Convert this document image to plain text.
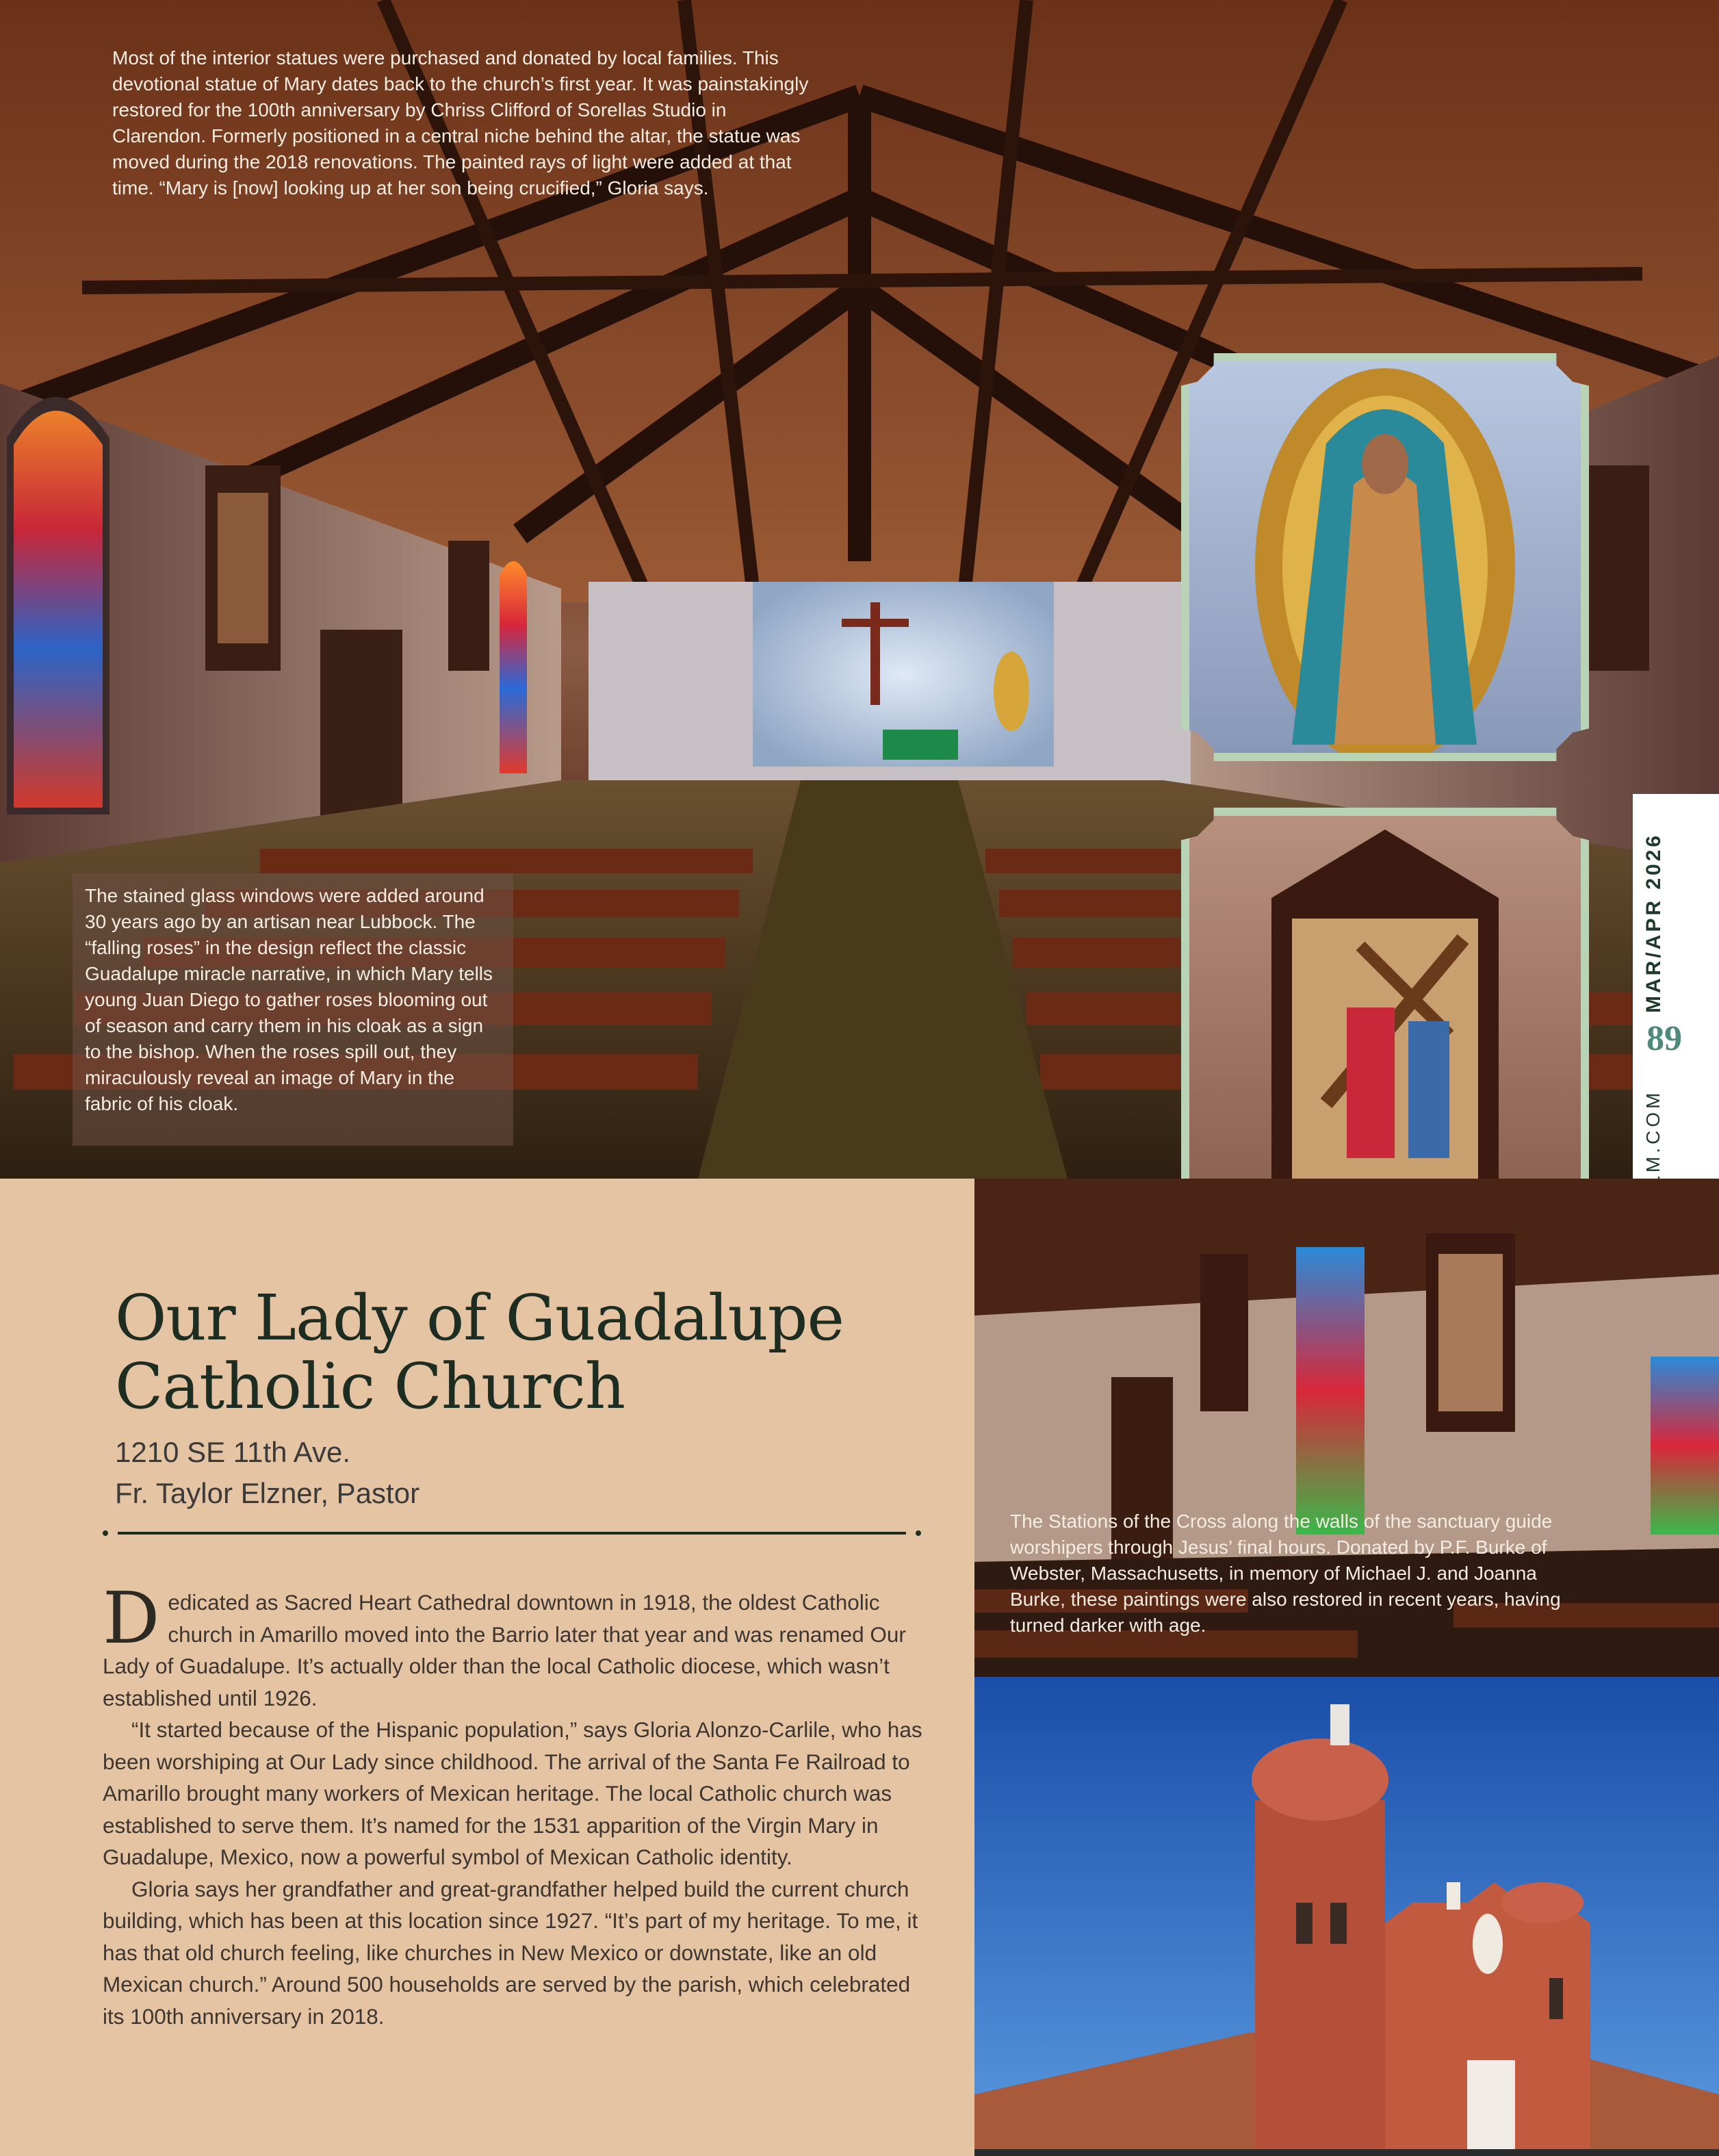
Most of the interior statues were purchased and donated by local families. This devotional statue of Mary dates back to the church’s first year. It was painstakingly restored for the 100th anniversary by Chriss Clifford of Sorellas Studio in Clarendon. Formerly positioned in a central niche behind the altar, the statue was moved during the 2018 renovations. The painted rays of light were added at that time. “Mary is [now] looking up at her son being crucified,” Gloria says.

The stained glass windows were added around 30 years ago by an artisan near Lubbock. The “falling roses” in the design reflect the classic Guadalupe miracle narrative, in which Mary tells young Juan Diego to gather roses blooming out of season and carry them in his cloak as a sign to the bishop. When the roses spill out, they miraculously reveal an image of Mary in the fabric of his cloak.

MAR/APR 2026
89

The Stations of the Cross along the walls of the sanctuary guide worshipers through Jesus’ final hours. Donated by P.F. Burke of Webster, Massachusetts, in memory of Michael J. and Joanna Burke, these paintings were also restored in recent years, having turned darker with age.

Our Lady of Guadalupe
Catholic Church

1210 SE 11th Ave.

Fr. Taylor Elzner, Pastor

Dedicated as Sacred Heart Cathedral downtown in 1918, the oldest Catholic church in Amarillo moved into the Barrio later that year and was renamed Our Lady of Guadalupe. It’s actually older than the local Catholic diocese, which wasn’t established until 1926.

“It started because of the Hispanic population,” says Gloria Alonzo-Carlile, who has been worshiping at Our Lady since childhood. The arrival of the Santa Fe Railroad to Amarillo brought many workers of Mexican heritage. The local Catholic church was established to serve them. It’s named for the 1531 apparition of the Virgin Mary in Guadalupe, Mexico, now a powerful symbol of Mexican Catholic identity.

Gloria says her grandfather and great-grandfather helped build the current church building, which has been at this location since 1927. “It’s part of my heritage. To me, it has that old church feeling, like churches in New Mexico or downstate, like an old Mexican church.” Around 500 households are served by the parish, which celebrated its 100th anniversary in 2018.
